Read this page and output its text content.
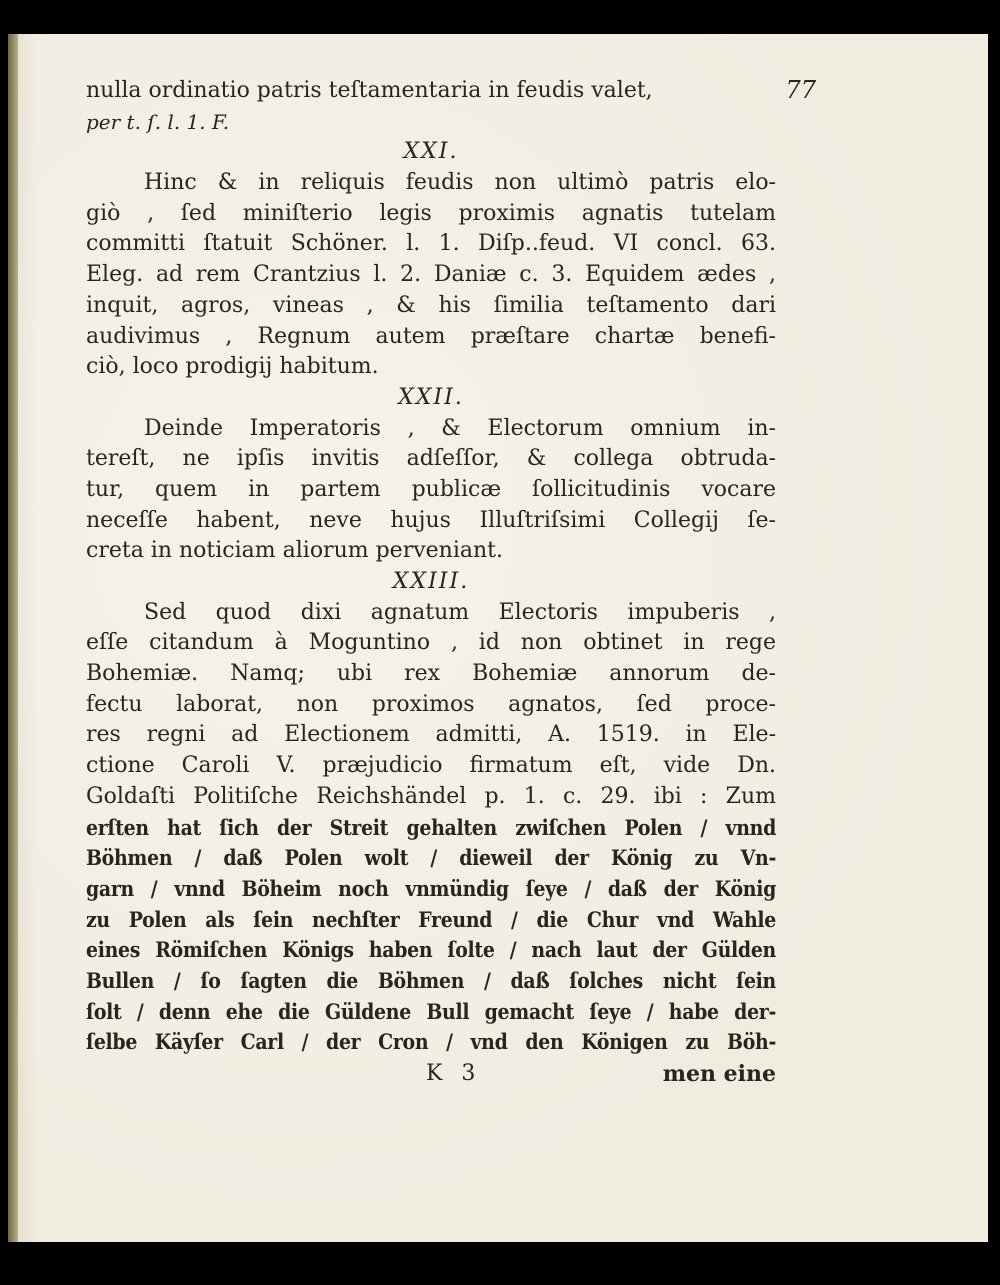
77
nulla ordinatio patris teſtamentaria in feudis valet,
per t. ſ. l. 1. F.
XXI.
Hinc & in reliquis feudis non ultimò patris elo-
giò , ſed miniſterio legis proximis agnatis tutelam
committi ſtatuit Schöner. l. 1. Diſp..feud. VI concl. 63.
Eleg. ad rem Crantzius l. 2. Daniæ c. 3. Equidem ædes ,
inquit, agros, vineas , & his ſimilia teſtamento dari
audivimus , Regnum autem præſtare chartæ benefi-
ciò, loco prodigij habitum.
XXII.
Deinde Imperatoris , & Electorum omnium in-
tereſt, ne ipſis invitis adſeſſor, & collega obtruda-
tur, quem in partem publicæ ſollicitudinis vocare
neceſſe habent, neve hujus Illuſtriſsimi Collegij ſe-
creta in noticiam aliorum perveniant.
XXIII.
Sed quod dixi agnatum Electoris impuberis ,
eſſe citandum à Moguntino , id non obtinet in rege
Bohemiæ. Namq; ubi rex Bohemiæ annorum de-
fectu laborat, non proximos agnatos, ſed proce-
res regni ad Electionem admitti, A. 1519. in Ele-
ctione Caroli V. præjudicio firmatum eſt, vide Dn.
Goldaſti Politiſche Reichshändel p. 1. c. 29. ibi : Zum
erſten hat ſich der Streit gehalten zwiſchen Polen / vnnd
Böhmen / daß Polen wolt / dieweil der König zu Vn-
garn / vnnd Böheim noch vnmündig ſeye / daß der König
zu Polen als ſein nechſter Freund / die Chur vnd Wahle
eines Römiſchen Königs haben ſolte / nach laut der Gülden
Bullen / ſo ſagten die Böhmen / daß ſolches nicht ſein
ſolt / denn ehe die Güldene Bull gemacht ſeye / habe der-
ſelbe Käyſer Carl / der Cron / vnd den Königen zu Böh-
K 3	men eine
